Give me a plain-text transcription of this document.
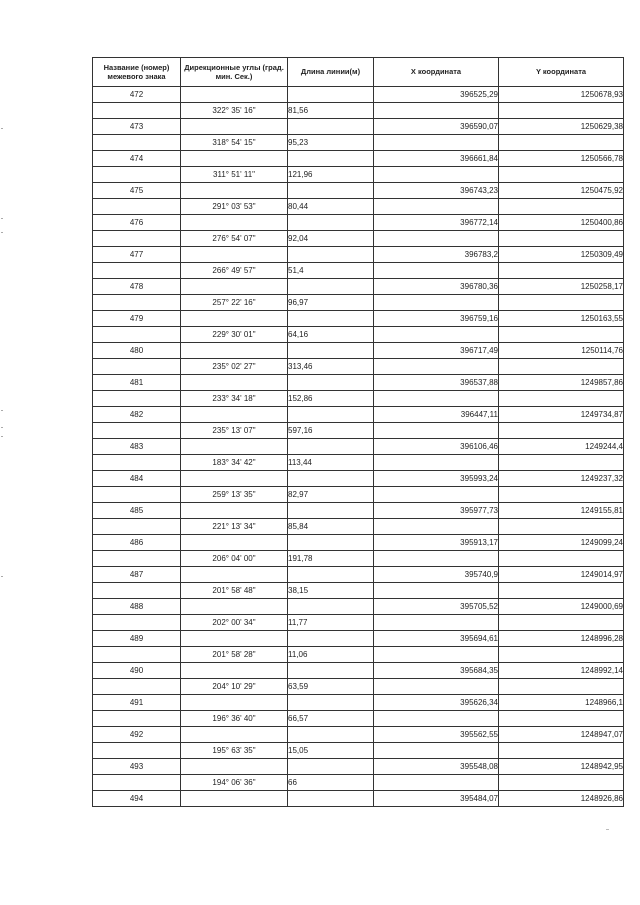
Название (номер) межевого знака	Дирекционные углы (град. мин. Сек.)	Длина линии(м)	X координата	Y координата
472			396525,29	1250678,93
	322° 35' 16"	81,56		
473			396590,07	1250629,38
	318° 54' 15"	95,23		
474			396661,84	1250566,78
	311° 51' 11"	121,96		
475			396743,23	1250475,92
	291° 03' 53"	80,44		
476			396772,14	1250400,86
	276° 54' 07"	92,04		
477			396783,2	1250309,49
	266° 49' 57"	51,4		
478			396780,36	1250258,17
	257° 22' 16"	96,97		
479			396759,16	1250163,55
	229° 30' 01"	64,16		
480			396717,49	1250114,76
	235° 02' 27"	313,46		
481			396537,88	1249857,86
	233° 34' 18"	152,86		
482			396447,11	1249734,87
	235° 13' 07"	597,16		
483			396106,46	1249244,4
	183° 34' 42"	113,44		
484			395993,24	1249237,32
	259° 13' 35"	82,97		
485			395977,73	1249155,81
	221° 13' 34"	85,84		
486			395913,17	1249099,24
	206° 04' 00"	191,78		
487			395740,9	1249014,97
	201° 58' 48"	38,15		
488			395705,52	1249000,69
	202° 00' 34"	11,77		
489			395694,61	1248996,28
	201° 58' 28"	11,06		
490			395684,35	1248992,14
	204° 10' 29"	63,59		
491			395626,34	1248966,1
	196° 36' 40"	66,57		
492			395562,55	1248947,07
	195° 63' 35"	15,05		
493			395548,08	1248942,95
	194° 06' 36"	66		
494			395484,07	1248926,86
